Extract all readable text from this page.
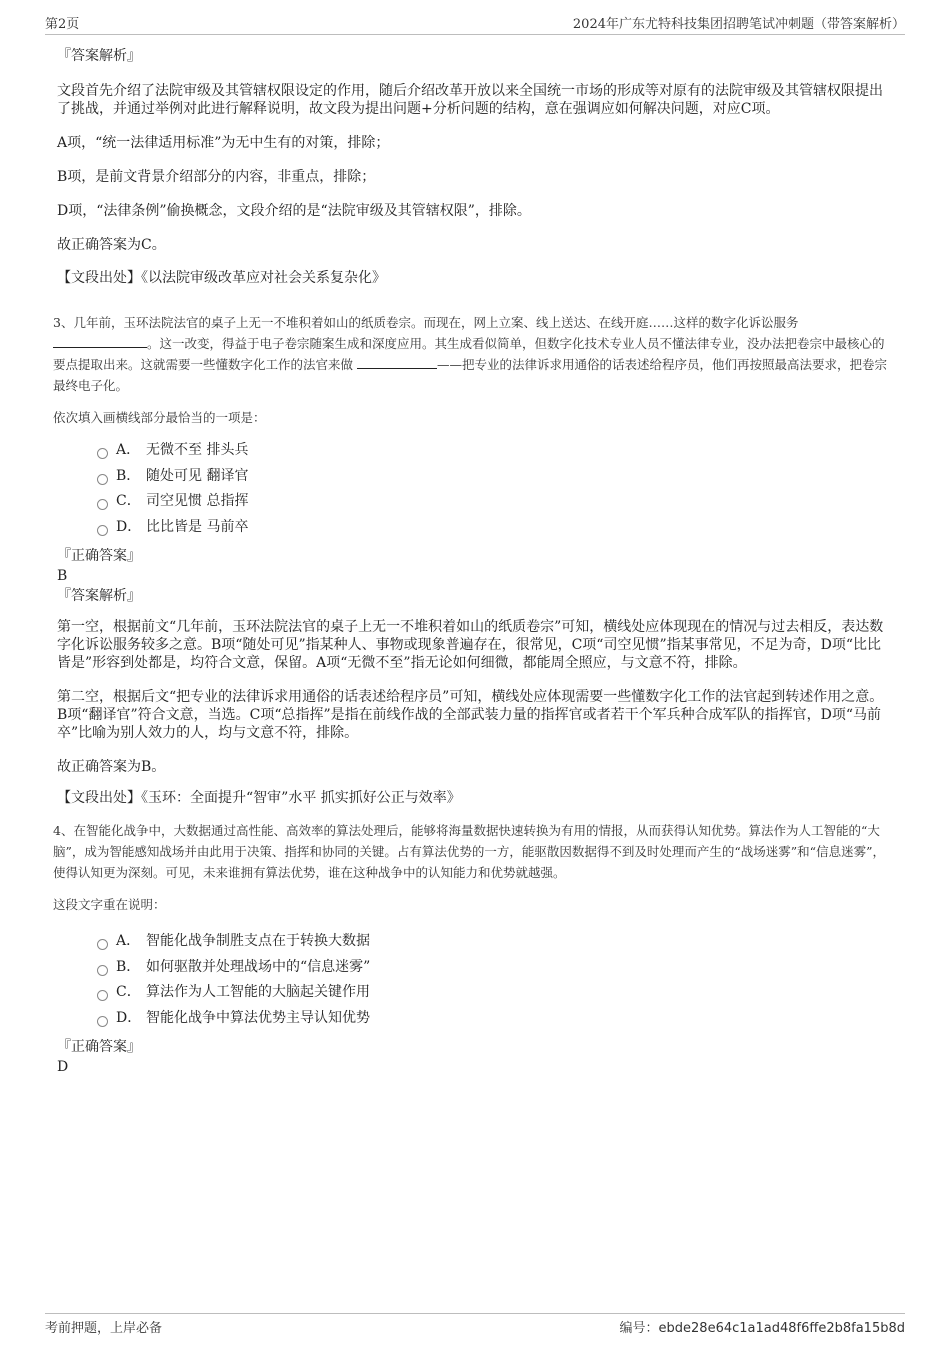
第2页	2024年广东尤特科技集团招聘笔试冲刺题（带答案解析）

『答案解析』

文段首先介绍了法院审级及其管辖权限设定的作用，随后介绍改革开放以来全国统一市场的形成等对原有的法院审级及其管辖权限提出了挑战，并通过举例对此进行解释说明，故文段为提出问题+分析问题的结构，意在强调应如何解决问题，对应C项。

A项，“统一法律适用标准”为无中生有的对策，排除；

B项，是前文背景介绍部分的内容，非重点，排除；

D项，“法律条例”偷换概念，文段介绍的是“法院审级及其管辖权限”，排除。

故正确答案为C。

【文段出处】《以法院审级改革应对社会关系复杂化》

3、几年前，玉环法院法官的桌子上无一不堆积着如山的纸质卷宗。而现在，网上立案、线上送达、在线开庭……这样的数字化诉讼服务
。这一改变，得益于电子卷宗随案生成和深度应用。其生成看似简单，但数字化技术专业人员不懂法律专业，没办法把卷宗中最核心的要点提取出来。这就需要一些懂数字化工作的法官来做	——把专业的法律诉求用通俗的话表述给程序员，他们再按照最高法要求，把卷宗最终电子化。

依次填入画横线部分最恰当的一项是：

A． 无微不至 排头兵
B． 随处可见 翻译官
C． 司空见惯 总指挥
D． 比比皆是 马前卒

『正确答案』

B

『答案解析』

第一空，根据前文“几年前，玉环法院法官的桌子上无一不堆积着如山的纸质卷宗”可知，横线处应体现现在的情况与过去相反，表达数字化诉讼服务较多之意。B项“随处可见”指某种人、事物或现象普遍存在，很常见，C项“司空见惯”指某事常见，不足为奇，D项“比比皆是”形容到处都是，均符合文意，保留。A项“无微不至”指无论如何细微，都能周全照应，与文意不符，排除。

第二空，根据后文“把专业的法律诉求用通俗的话表述给程序员”可知，横线处应体现需要一些懂数字化工作的法官起到转述作用之意。B项“翻译官”符合文意，当选。C项“总指挥”是指在前线作战的全部武装力量的指挥官或者若干个军兵种合成军队的指挥官，D项“马前卒”比喻为别人效力的人，均与文意不符，排除。

故正确答案为B。

【文段出处】《玉环：全面提升“智审”水平 抓实抓好公正与效率》

4、在智能化战争中，大数据通过高性能、高效率的算法处理后，能够将海量数据快速转换为有用的情报，从而获得认知优势。算法作为人工智能的“大脑”，成为智能感知战场并由此用于决策、指挥和协同的关键。占有算法优势的一方，能驱散因数据得不到及时处理而产生的“战场迷雾”和“信息迷雾”，使得认知更为深刻。可见，未来谁拥有算法优势，谁在这种战争中的认知能力和优势就越强。

这段文字重在说明：

A． 智能化战争制胜支点在于转换大数据
B． 如何驱散并处理战场中的“信息迷雾”
C． 算法作为人工智能的大脑起关键作用
D． 智能化战争中算法优势主导认知优势

『正确答案』

D

考前押题，上岸必备	编号：ebde28e64c1a1ad48f6ffe2b8fa15b8d
